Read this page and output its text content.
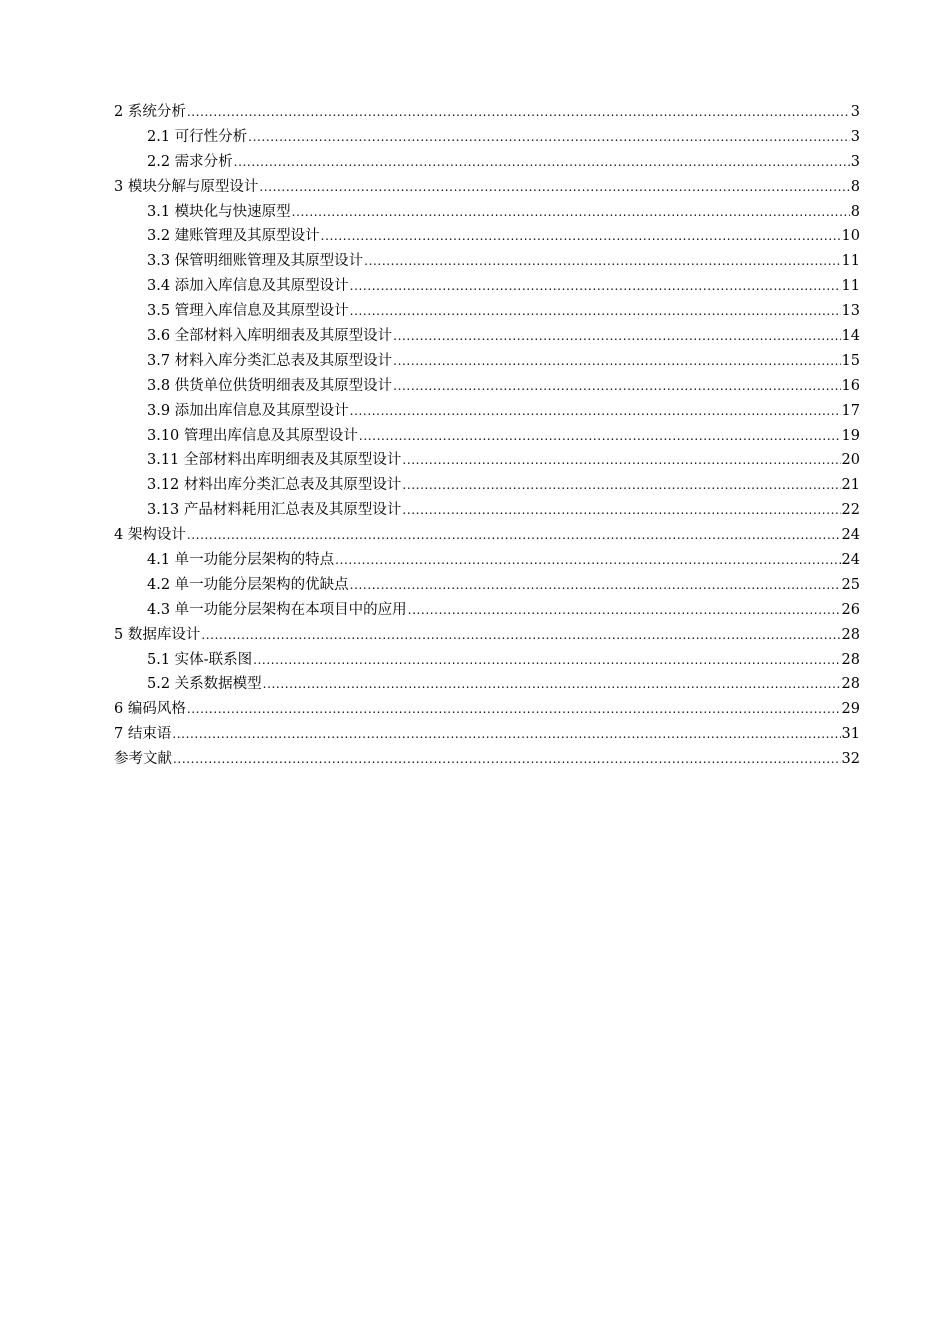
2 系统分析 .....	3
2.1 可行性分析 .....	3
2.2 需求分析 .....	3
3 模块分解与原型设计 .....	8
3.1 模块化与快速原型 .....	8
3.2 建账管理及其原型设计 .....	10
3.3 保管明细账管理及其原型设计 .....	11
3.4 添加入库信息及其原型设计 .....	11
3.5 管理入库信息及其原型设计 .....	13
3.6 全部材料入库明细表及其原型设计 .....	14
3.7 材料入库分类汇总表及其原型设计 .....	15
3.8 供货单位供货明细表及其原型设计 .....	16
3.9 添加出库信息及其原型设计 .....	17
3.10 管理出库信息及其原型设计 .....	19
3.11 全部材料出库明细表及其原型设计 .....	20
3.12 材料出库分类汇总表及其原型设计 .....	21
3.13 产品材料耗用汇总表及其原型设计 .....	22
4 架构设计 .....	24
4.1 单一功能分层架构的特点 .....	24
4.2 单一功能分层架构的优缺点 .....	25
4.3 单一功能分层架构在本项目中的应用 .....	26
5 数据库设计 .....	28
5.1 实体-联系图 .....	28
5.2 关系数据模型 .....	28
6 编码风格 .....	29
7 结束语 .....	31
参考文献 .....	32
